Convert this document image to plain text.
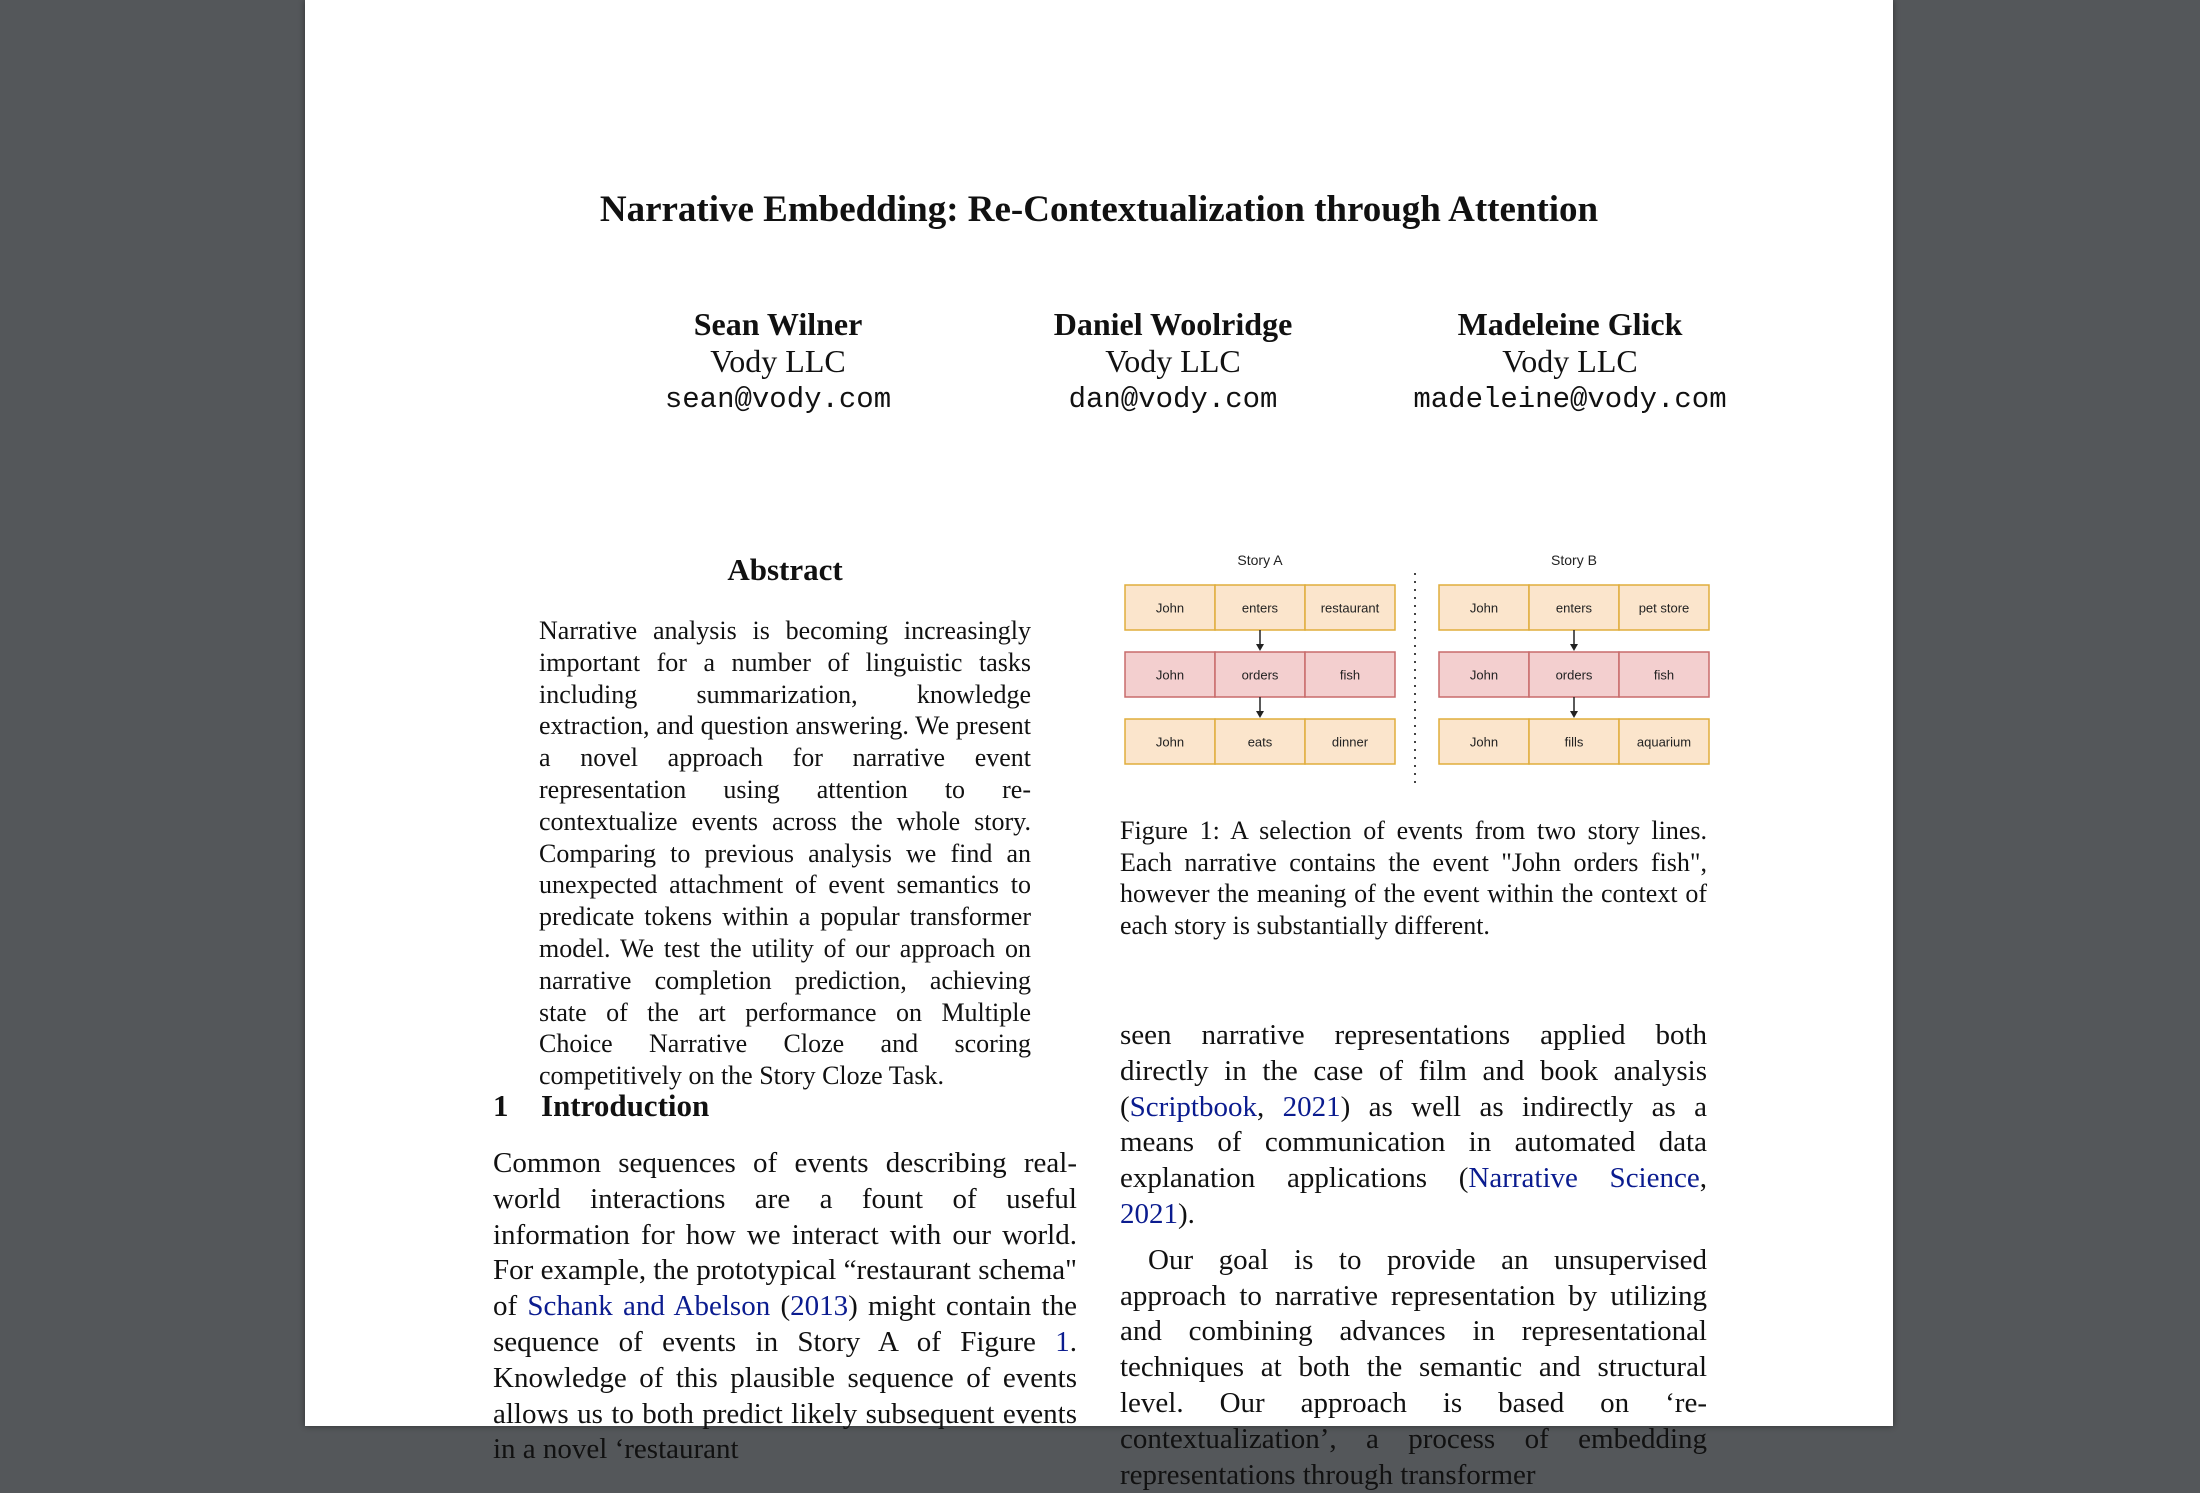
Narrative Embedding: Re-Contextualization through Attention
Sean Wilner
Vody LLC
sean@vody.com
Daniel Woolridge
Vody LLC
dan@vody.com
Madeleine Glick
Vody LLC
madeleine@vody.com
Abstract
Narrative analysis is becoming increasingly important for a number of linguistic tasks including summarization, knowledge extraction, and question answering. We present a novel approach for narrative event representation using attention to re-contextualize events across the whole story. Comparing to previous analysis we find an unexpected attachment of event semantics to predicate tokens within a popular transformer model. We test the utility of our approach on narrative completion prediction, achieving state of the art performance on Multiple Choice Narrative Cloze and scoring competitively on the Story Cloze Task.
1 Introduction
Common sequences of events describing real-world interactions are a fount of useful information for how we interact with our world. For example, the prototypical “restaurant schema" of Schank and Abelson (2013) might contain the sequence of events in Story A of Figure 1. Knowledge of this plausible sequence of events allows us to both predict likely subsequent events in a novel ‘restaurant
Story A
John	enters	restaurant
John	orders	fish
John	eats	dinner
Story B
John	enters	pet store
John	orders	fish
John	fills	aquarium
Figure 1: A selection of events from two story lines. Each narrative contains the event "John orders fish", however the meaning of the event within the context of each story is substantially different.

seen narrative representations applied both directly in the case of film and book analysis (Scriptbook, 2021) as well as indirectly as a means of communication in automated data explanation applications (Narrative Science, 2021).

Our goal is to provide an unsupervised approach to narrative representation by utilizing and combining advances in representational techniques at both the semantic and structural level. Our approach is based on ‘re-contextualization’, a process of embedding representations through transformer
